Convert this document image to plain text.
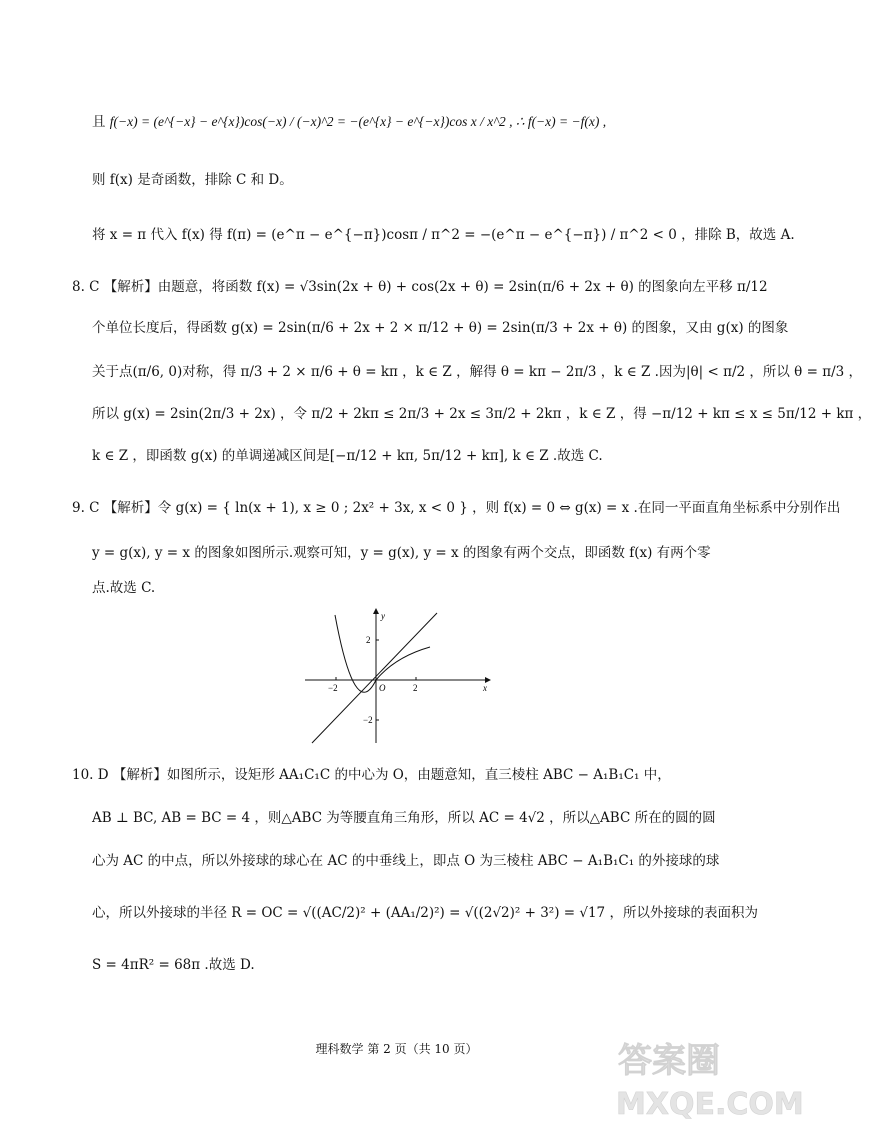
且 f(−x) = (e^{−x} − e^{x})cos(−x) / (−x)^2 = −(e^{x} − e^{−x})cos x / x^2 , ∴ f(−x) = −f(x) ,
则 f(x) 是奇函数，排除 C 和 D。
将 x = π 代入 f(x) 得 f(π) = (e^π − e^{−π})cosπ / π^2 = −(e^π − e^{−π}) / π^2 < 0 ，排除 B，故选 A.
8. C 【解析】由题意，将函数 f(x) = √3sin(2x + θ) + cos(2x + θ) = 2sin(π/6 + 2x + θ) 的图象向左平移 π/12
个单位长度后，得函数 g(x) = 2sin(π/6 + 2x + 2 × π/12 + θ) = 2sin(π/3 + 2x + θ) 的图象，又由 g(x) 的图象
关于点(π/6, 0)对称，得 π/3 + 2 × π/6 + θ = kπ ，k ∈ Z ，解得 θ = kπ − 2π/3 ，k ∈ Z .因为|θ| < π/2 ，所以 θ = π/3 ，
所以 g(x) = 2sin(2π/3 + 2x) ，令 π/2 + 2kπ ≤ 2π/3 + 2x ≤ 3π/2 + 2kπ ，k ∈ Z ，得 −π/12 + kπ ≤ x ≤ 5π/12 + kπ ，
k ∈ Z ，即函数 g(x) 的单调递减区间是[−π/12 + kπ, 5π/12 + kπ], k ∈ Z .故选 C.
9. C 【解析】令 g(x) = { ln(x + 1), x ≥ 0 ; 2x² + 3x, x < 0 } ，则 f(x) = 0 ⇔ g(x) = x .在同一平面直角坐标系中分别作出
y = g(x), y = x 的图象如图所示.观察可知，y = g(x), y = x 的图象有两个交点，即函数 f(x) 有两个零
点.故选 C.
2
−2
−2	2
O	x
y
10. D 【解析】如图所示，设矩形 AA₁C₁C 的中心为 O，由题意知，直三棱柱 ABC − A₁B₁C₁ 中，
AB ⊥ BC, AB = BC = 4 ，则△ABC 为等腰直角三角形，所以 AC = 4√2 ，所以△ABC 所在的圆的圆
心为 AC 的中点，所以外接球的球心在 AC 的中垂线上，即点 O 为三棱柱 ABC − A₁B₁C₁ 的外接球的球
心，所以外接球的半径 R = OC = √((AC/2)² + (AA₁/2)²) = √((2√2)² + 3²) = √17 ，所以外接球的表面积为
S = 4πR² = 68π .故选 D.
理科数学 第 2 页（共 10 页）	答案圈
MXQE.COM
